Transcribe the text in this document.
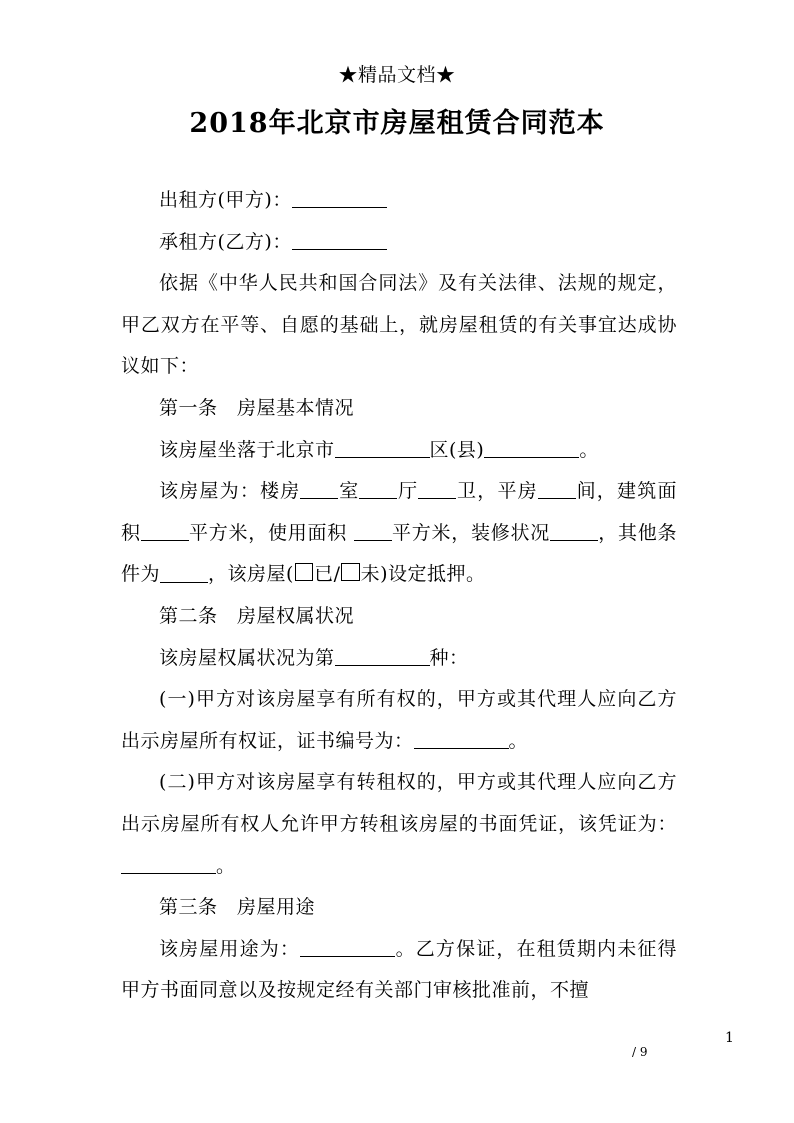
★精品文档★
2018年北京市房屋租赁合同范本

出租方(甲方)：

承租方(乙方)：

依据《中华人民共和国合同法》及有关法律、法规的规定，甲乙双方在平等、自愿的基础上，就房屋租赁的有关事宜达成协议如下：

第一条　房屋基本情况

该房屋坐落于北京市	区(县)	。

该房屋为：楼房 室 厅 卫，平房 间，建筑面积	平方米，使用面积 平方米，装修状况	，其他条件为	，该房屋( 已/ 未)设定抵押。

第二条　房屋权属状况

该房屋权属状况为第	种：

(一)甲方对该房屋享有所有权的，甲方或其代理人应向乙方出示房屋所有权证，证书编号为：	。

(二)甲方对该房屋享有转租权的，甲方或其代理人应向乙方出示房屋所有权人允许甲方转租该房屋的书面凭证，该凭证为：。

第三条　房屋用途

该房屋用途为：	。乙方保证，在租赁期内未征得甲方书面同意以及按规定经有关部门审核批准前，不擅

1
/ 9
